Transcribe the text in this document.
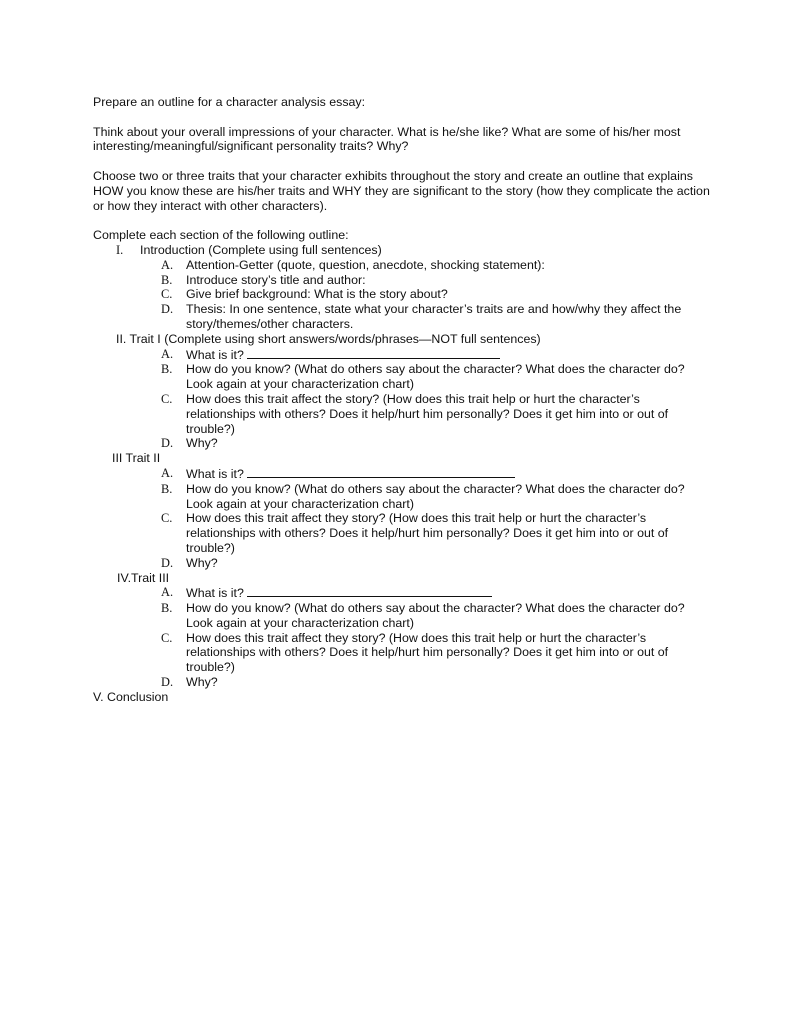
Prepare an outline for a character analysis essay:

Think about your overall impressions of your character. What is he/she like? What are some of his/her most interesting/meaningful/significant personality traits? Why?

Choose two or three traits that your character exhibits throughout the story and create an outline that explains HOW you know these are his/her traits and WHY they are significant to the story (how they complicate the action or how they interact with other characters).

Complete each section of the following outline:

I.	Introduction (Complete using full sentences)
A.	Attention-Getter (quote, question, anecdote, shocking statement):
B.	Introduce story’s title and author:
C.	Give brief background: What is the story about?
D.	Thesis: In one sentence, state what your character’s traits are and how/why they affect the story/themes/other characters.
II. Trait I (Complete using short answers/words/phrases—NOT full sentences)
A.	What is it?
B.	How do you know? (What do others say about the character? What does the character do? Look again at your characterization chart)
C.	How does this trait affect the story? (How does this trait help or hurt the character’s relationships with others? Does it help/hurt him personally? Does it get him into or out of trouble?)
D.	Why?
III Trait II
A.	What is it?
B.	How do you know? (What do others say about the character? What does the character do? Look again at your characterization chart)
C.	How does this trait affect they story? (How does this trait help or hurt the character’s relationships with others? Does it help/hurt him personally? Does it get him into or out of trouble?)
D.	Why?
IV.Trait III
A.	What is it?
B.	How do you know? (What do others say about the character? What does the character do? Look again at your characterization chart)
C.	How does this trait affect they story? (How does this trait help or hurt the character’s relationships with others? Does it help/hurt him personally? Does it get him into or out of trouble?)
D.	Why?
V. Conclusion
